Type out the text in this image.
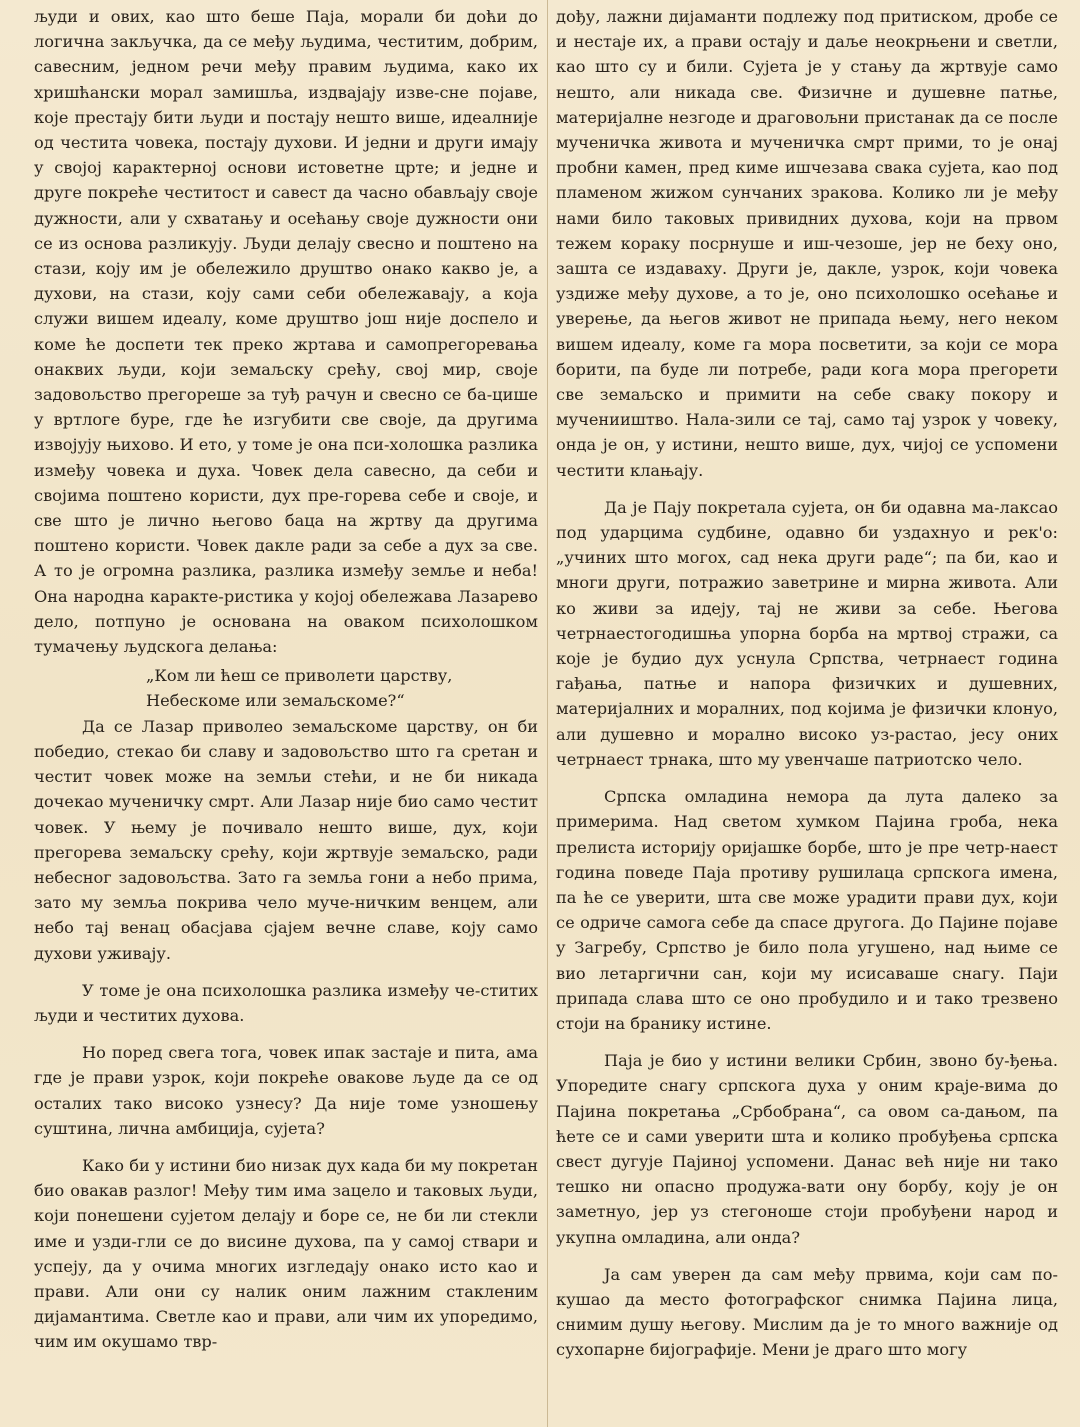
људи и ових, као што беше Паја, морали би доћи до логична закључка, да се међу људима, честитим, добрим, савесним, једном речи међу правим људима, како их хришћански морал замишља, издвајају изве-сне појаве, које престају бити људи и постају нешто више, идеалније од честита човека, постају духови. И једни и други имају у својој карактерној основи истоветне црте; и једне и друге покреће честитост и савест да часно обављају своје дужности, али у схватању и осећању своје дужности они се из основа разликују. Људи делају свесно и поштено на стази, коју им је обележило друштво онако какво је, а духови, на стази, коју сами себи обележавају, а која служи вишем идеалу, коме друштво још није доспело и коме ће доспети тек преко жртава и самопрегоревања онаквих људи, који земаљску срећу, свој мир, своје задовољство прегореше за туђ рачун и свесно се ба-цише у вртлоге буре, где ће изгубити све своје, да другима извојују њихово. И ето, у томе је она пси-холошка разлика између човека и духа. Човек дела савесно, да себи и својима поштено користи, дух пре-горева себе и своје, и све што је лично његово баца на жртву да другима поштено користи. Човек дакле ради за себе а дух за све. А то је огромна разлика, разлика између земље и неба! Она народна каракте-ристика у којој обележава Лазарево дело, потпуно је основана на оваком психолошком тумачењу људскога делања:

„Ком ли ћеш се приволети царству,
Небескоме или земаљскоме?“

Да се Лазар приволео земаљскоме царству, он би победио, стекао би славу и задовољство што га сретан и честит човек може на земљи стећи, и не би никада дочекао мученичку смрт. Али Лазар није био само честит човек. У њему је почивало нешто више, дух, који прегорева земаљску срећу, који жртвује земаљско, ради небесног задовољства. Зато га земља гони а небо прима, зато му земља покрива чело муче-ничким венцем, али небо тај венац обасјава сјајем вечне славе, коју само духови уживају.

У томе је она психолошка разлика између че-ститих људи и честитих духова.

Но поред свега тога, човек ипак застаје и пита, ама где је прави узрок, који покреће овакове људе да се од осталих тако високо узнесу? Да није томе узношењу суштина, лична амбиција, сујета?

Како би у истини био низак дух када би му покретан био овакав разлог! Међу тим има зацело и таковых људи, који понешени сујетом делају и боре се, не би ли стекли име и узди-гли се до висине духова, па у самој ствари и успеју, да у очима многих изгледају онако исто као и прави. Али они су налик оним лажним стакленим дијамантима. Светле као и прави, али чим их упоредимо, чим им окушамо твр-

дођу, лажни дијаманти подлежу под притиском, дробе се и нестаје их, а прави остају и даље неокрњени и светли, као што су и били. Сујета је у стању да жртвује само нешто, али никада све. Физичне и душевне патње, материјалне незгоде и драговољни пристанак да се после мученичка живота и мученичка смрт прими, то је онај пробни камен, пред киме ишчезава свака сујета, као под пламеном жижом сунчаних зракова. Колико ли је међу нами било таковых привидних духова, који на првом тежем кораку посрнуше и иш-чезоше, јер не беху оно, зашта се издаваху. Други је, дакле, узрок, који човека уздиже међу духове, а то је, оно психолошко осећање и уверење, да његов живот не припада њему, него неком вишем идеалу, коме га мора посветити, за који се мора борити, па буде ли потребе, ради кога мора прегорети све земаљско и примити на себе сваку покору и мученииштво. Нала-зили се тај, само тај узрок у човеку, онда је он, у истини, нешто више, дух, чијој се успомени честити клањају.

Да је Пају покретала сујета, он би одавна ма-лаксао под ударцима судбине, одавно би уздахнуо и рек'о: „учиних што могох, сад нека други раде“; па би, као и многи други, потражио заветрине и мирна живота. Али ко живи за идеју, тај не живи за себе. Његова четрнаестогодишња упорна борба на мртвој стражи, са које је будио дух уснула Српства, четрнаест година гађања, патње и напора физичких и душевних, материјалних и моралних, под којима је физички клонуо, али душевно и морално високо уз-растао, јесу оних четрнаест трнака, што му увенчаше патриотско чело.

Српска омладина немора да лута далеко за примерима. Над светом хумком Пајина гроба, нека прелиста историју оријашке борбе, што је пре четр-наест година поведе Паја противу рушилаца српскога имена, па ће се уверити, шта све може урадити прави дух, који се одриче самога себе да спасе другога. До Пајине појаве у Загребу, Српство је било пола угушено, над њиме се вио летаргични сан, који му исисаваше снагу. Паји припада слава што се оно пробудило и и тако трезвено стоји на бранику истине.

Паја је био у истини велики Србин, звоно бу-ђења. Упоредите снагу српскога духа у оним краје-вима до Пајина покретања „Србобрана“, са овом са-дањом, па ћете се и сами уверити шта и колико пробуђења српска свест дугује Пајиној успомени. Данас већ није ни тако тешко ни опасно продужа-вати ону борбу, коју је он заметнуо, јер уз стегоноше стоји пробуђени народ и укупна омладина, али онда?

Ја сам уверен да сам међу првима, који сам по-кушао да место фотографског снимка Пајина лица, снимим душу његову. Мислим да је то много важније од сухопарне бијографије. Мени је драго што могу
